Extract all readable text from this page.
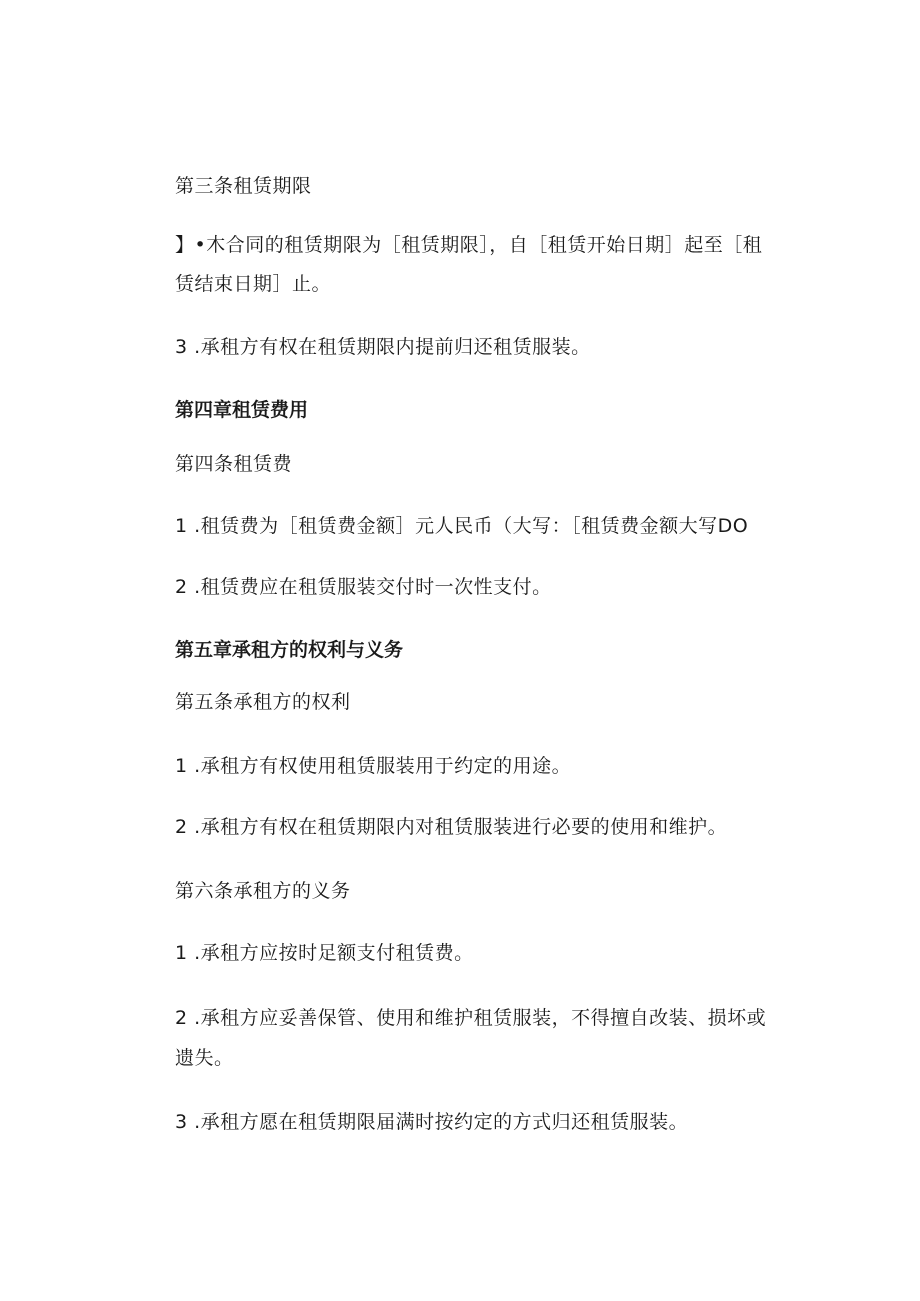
第三条租赁期限
】•木合同的租赁期限为［租赁期限］，自［租赁开始日期］起至［租
赁结束日期］止。
3 .承租方有权在租赁期限内提前归还租赁服装。
第四章租赁费用
第四条租赁费
1 .租赁费为［租赁费金额］元人民币（大写：［租赁费金额大写DO
2 .租赁费应在租赁服装交付时一次性支付。
第五章承租方的权利与义务
第五条承租方的权利
1 .承租方有权使用租赁服装用于约定的用途。
2 .承租方有权在租赁期限内对租赁服装进行必要的使用和维护。
第六条承租方的义务
1 .承租方应按时足额支付租赁费。
2 .承租方应妥善保管、使用和维护租赁服装，不得擅自改装、损坏或
遗失。
3 .承租方愿在租赁期限届满时按约定的方式归还租赁服装。
